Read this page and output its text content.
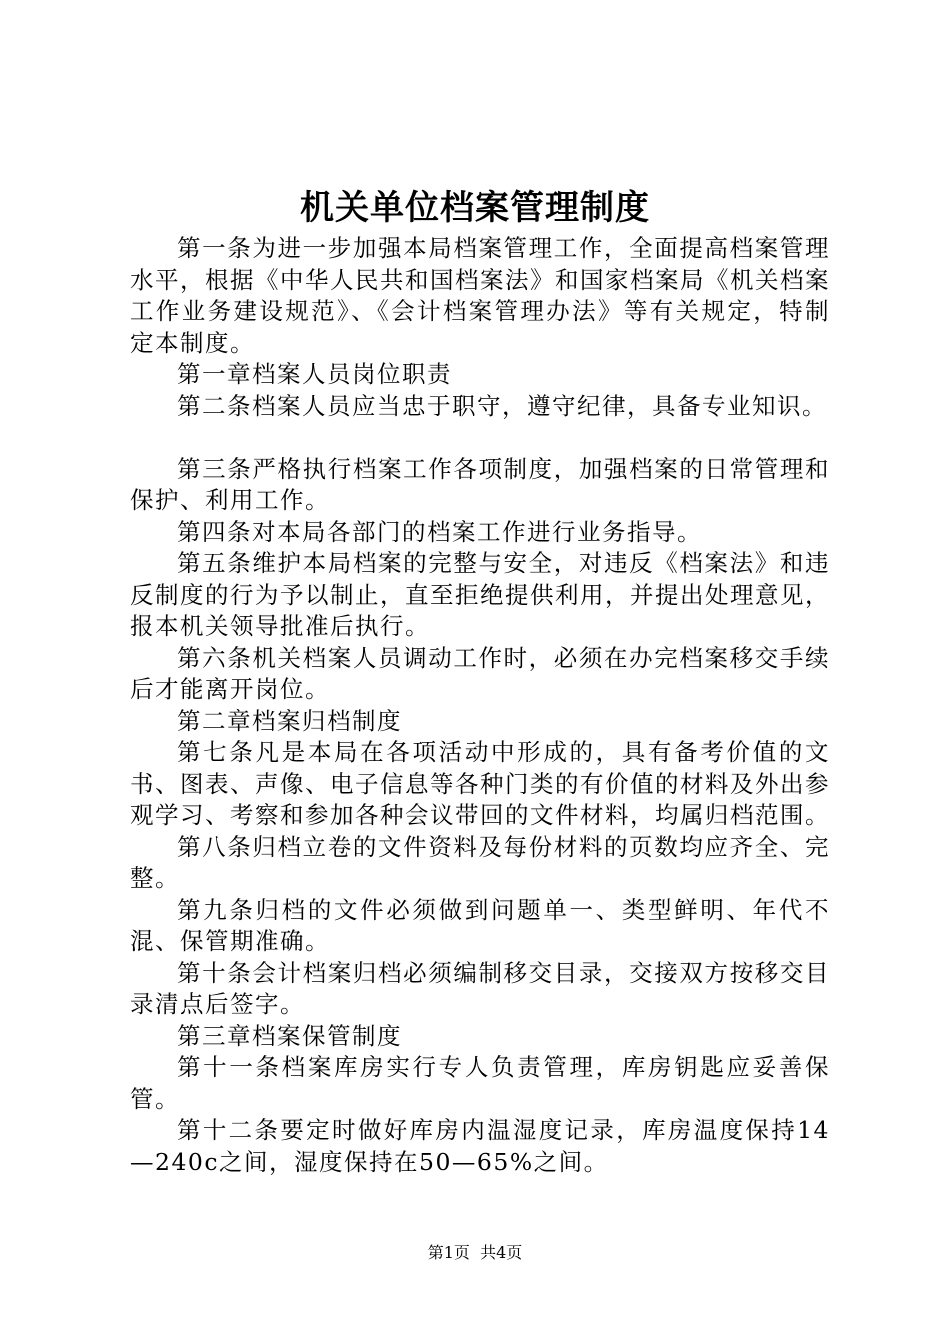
机关单位档案管理制度

第一条为进一步加强本局档案管理工作，全面提高档案管理水平，根据《中华人民共和国档案法》和国家档案局《机关档案工作业务建设规范》、《会计档案管理办法》等有关规定，特制定本制度。

第一章档案人员岗位职责

第二条档案人员应当忠于职守，遵守纪律，具备专业知识。

第三条严格执行档案工作各项制度，加强档案的日常管理和保护、利用工作。

第四条对本局各部门的档案工作进行业务指导。

第五条维护本局档案的完整与安全，对违反《档案法》和违反制度的行为予以制止，直至拒绝提供利用，并提出处理意见，报本机关领导批准后执行。

第六条机关档案人员调动工作时，必须在办完档案移交手续后才能离开岗位。

第二章档案归档制度

第七条凡是本局在各项活动中形成的，具有备考价值的文书、图表、声像、电子信息等各种门类的有价值的材料及外出参观学习、考察和参加各种会议带回的文件材料，均属归档范围。

第八条归档立卷的文件资料及每份材料的页数均应齐全、完整。

第九条归档的文件必须做到问题单一、类型鲜明、年代不混、保管期准确。

第十条会计档案归档必须编制移交目录，交接双方按移交目录清点后签字。

第三章档案保管制度

第十一条档案库房实行专人负责管理，库房钥匙应妥善保管。

第十二条要定时做好库房内温湿度记录，库房温度保持14—240c之间，湿度保持在50—65%之间。

第1页 共4页
